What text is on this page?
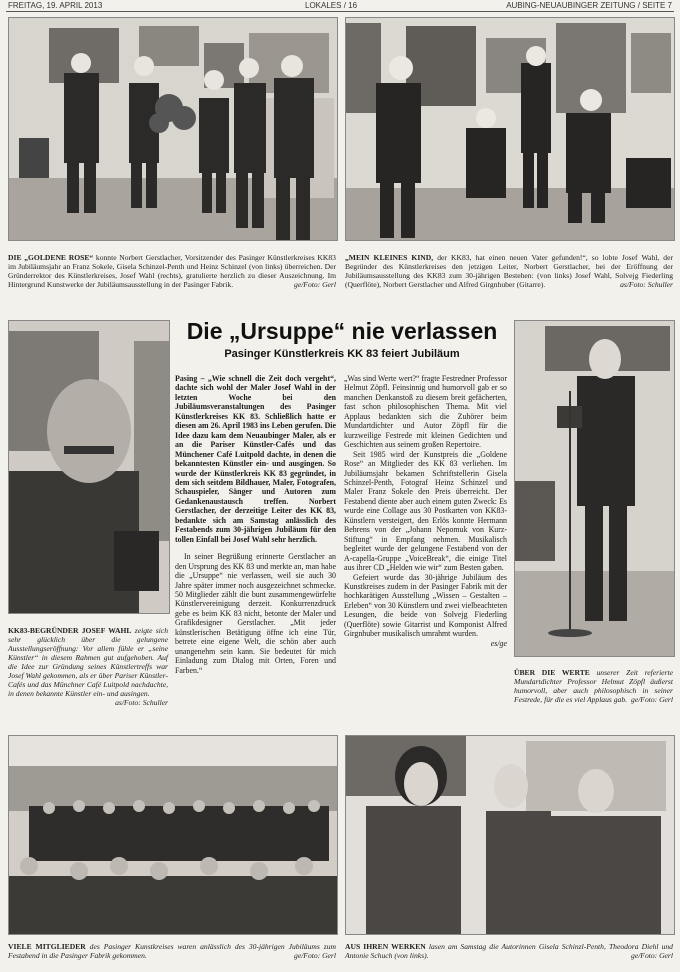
FREITAG, 19. APRIL 2013	LOKALES / 16	AUBING-NEUAUBINGER ZEITUNG / SEITE 7
DIE „GOLDENE ROSE“ konnte Norbert Gerstlacher, Vorsitzender des Pasinger Künstlerkreises KK83 im Jubiläumsjahr an Franz Sokele, Gisela Schinzel-Penth und Heinz Schinzel (von links) überreichen. Der Gründerrektor des Künstlerkreises, Josef Wahl (rechts), gratulierte herzlich zu dieser Auszeichnung. Im Hintergrund Kunstwerke der Jubiläumsausstellung in der Pasinger Fabrik.	ge/Foto: Gerl
„MEIN KLEINES KIND, der KK83, hat einen neuen Vater gefunden!“, so lobte Josef Wahl, der Begründer des Künstlerkreises den jetzigen Leiter, Norbert Gerstlacher, bei der Eröffnung der Jubiläumsausstellung des KK83 zum 30-jährigen Bestehen: (von links) Josef Wahl, Solvejg Fiederling (Querflöte), Norbert Gerstlacher und Alfred Girgnhuber (Gitarre).	as/Foto: Schuller
KK83-BEGRÜNDER JOSEF WAHL zeigte sich sehr glücklich über die gelungene Ausstellungseröffnung: Vor allem fühle er „seine Künstler“ in diesem Rahmen gut aufgehoben. Auf die Idee zur Gründung seines Künstlertreffs war Josef Wahl gekommen, als er über Pariser Künstler-Cafés und das Münchner Café Luitpold nachdachte, in denen bekannte Künstler ein- und ausingen.
as/Foto: Schuller
Die „Ursuppe“ nie verlassen
Pasinger Künstlerkreis KK 83 feiert Jubiläum

Pasing – „Wie schnell die Zeit doch vergeht“, dachte sich wohl der Maler Josef Wahl in der letzten Woche bei den Jubiläumsveranstaltungen des Pasinger Künstlerkreises KK 83. Schließlich hatte er diesen am 26. April 1983 ins Leben gerufen. Die Idee dazu kam dem Neuaubinger Maler, als er an die Pariser Künstler-Cafés und das Münchener Café Luitpold dachte, in denen die bekanntesten Künstler ein- und ausgingen. So wurde der Künstlerkreis KK 83 gegründet, in dem sich seitdem Bildhauer, Maler, Fotografen, Schauspieler, Sänger und Autoren zum Gedankenaustausch treffen. Norbert Gerstlacher, der derzeitige Leiter des KK 83, bedankte sich am Samstag anlässlich des Festabends zum 30-jährigen Jubiläum für den tollen Einfall bei Josef Wahl sehr herzlich.

In seiner Begrüßung erinnerte Gerstlacher an den Ursprung des KK 83 und merkte an, man habe die „Ursuppe“ nie verlassen, weil sie auch 30 Jahre später immer noch ausgezeichnet schmecke. 50 Mitglieder zählt die bunt zusammengewürfelte Künstlervereinigung derzeit. Konkurrenzdruck gebe es beim KK 83 nicht, betonte der Maler und Grafikdesigner Gerstlacher. „Mit jeder künstlerischen Betätigung öffne ich eine Tür, betrete eine eigene Welt, die schön aber auch unangenehm sein kann. Sie bedeutet für mich Einladung zum Dialog mit Orten, Foren und Farben.“

„Was sind Werte wert?“ fragte Festredner Professor Helmut Zöpfl. Feinsinnig und humorvoll gab er so manchen Denkanstoß zu diesem breit gefächerten, fast schon philosophischen Thema. Mit viel Applaus bedankten sich die Zuhörer beim Mundartdichter und Autor Zöpfl für die kurzweilige Festrede mit kleinen Gedichten und Geschichten aus seinem großen Repertoire.

Seit 1985 wird der Kunstpreis die „Goldene Rose“ an Mitglieder des KK 83 verliehen. Im Jubiläumsjahr bekamen Schriftstellerin Gisela Schinzel-Penth, Fotograf Heinz Schinzel und Maler Franz Sokele den Preis überreicht. Der Festabend diente aber auch einem guten Zweck: Es wurde eine Collage aus 30 Postkarten von KK83-Künstlern versteigert, den Erlös konnte Hermann Behrens von der „Johann Nepomuk von Kurz-Stiftung“ in Empfang nehmen. Musikalisch begleitet wurde der gelungene Festabend von der A-capella-Gruppe „VoiceBreak“, die einige Titel aus ihrer CD „Helden wie wir“ zum Besten gaben.

Gefeiert wurde das 30-jährige Jubiläum des Kunstkreises zudem in der Pasinger Fabrik mit der hochkarätigen Ausstellung „Wissen – Gestalten – Erleben“ von 30 Künstlern und zwei vielbeachteten Lesungen, die beide von Solvejg Fiederling (Querflöte) sowie Gitarrist und Komponist Alfred Girgnhuber musikalisch umrahmt wurden.

es/ge

ÜBER DIE WERTE unserer Zeit referierte Mundartdichter Professor Helmut Zöpfl äußerst humorvoll, aber auch philosophisch in seiner Festrede, für die es viel Applaus gab. ge/Foto: Gerl
VIELE MITGLIEDER des Pasinger Kunstkreises waren anlässlich des 30-jährigen Jubiläums zum Festabend in die Pasinger Fabrik gekommen.	ge/Foto: Gerl
AUS IHREN WERKEN lasen am Samstag die Autorinnen Gisela Schinzl-Penth, Theodora Diehl und Antonie Schuch (von links).	ge/Foto: Gerl
